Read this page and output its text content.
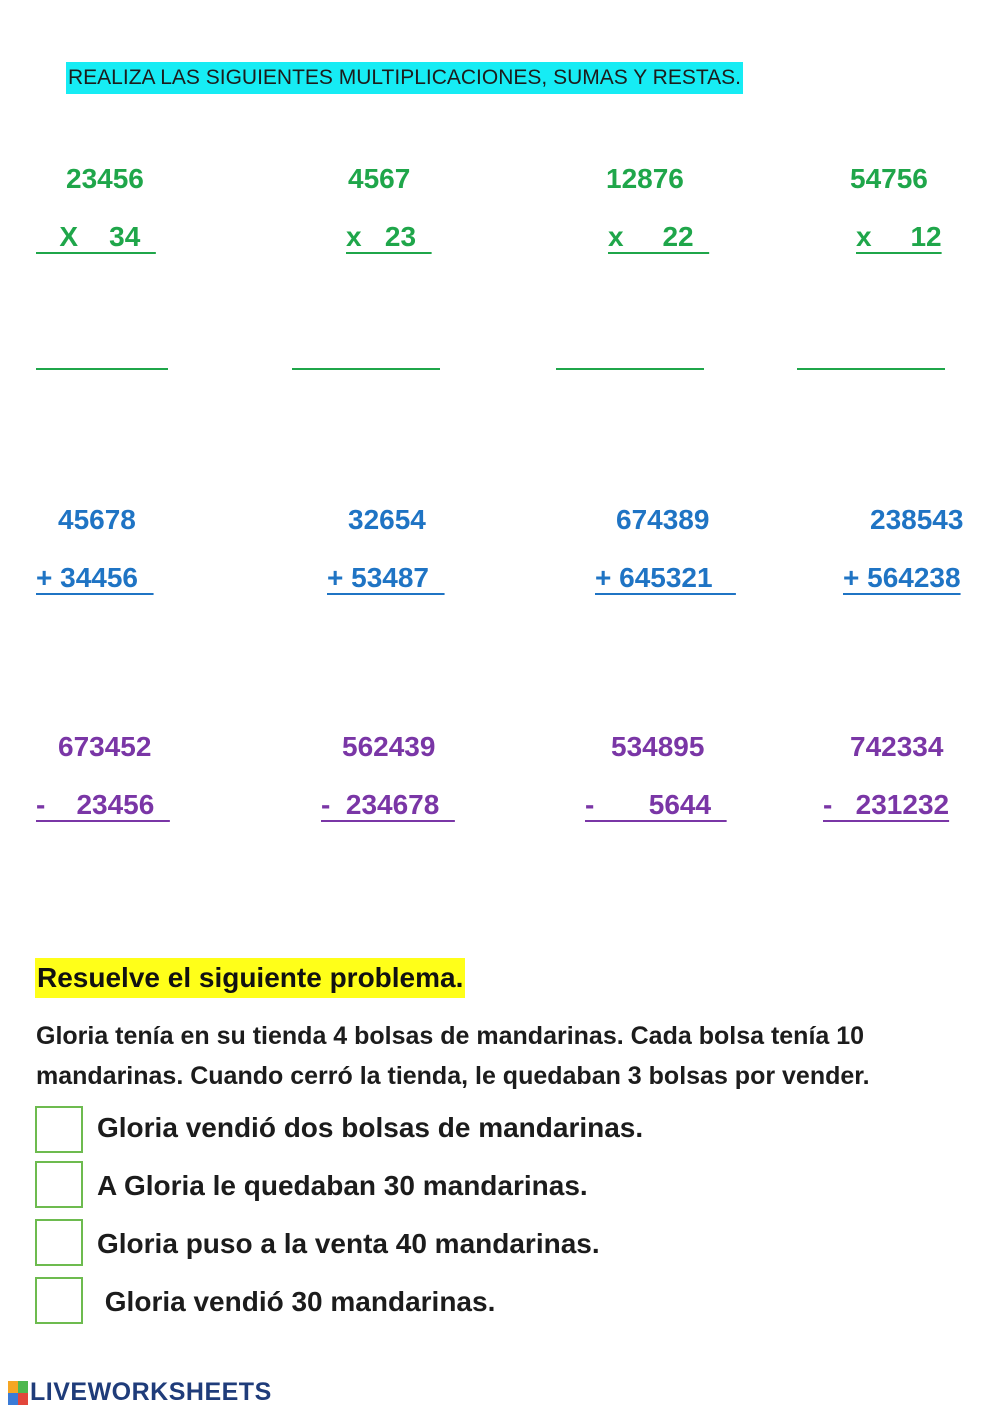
REALIZA LAS SIGUIENTES MULTIPLICACIONES, SUMAS Y RESTAS.
23456
X    34
4567
x   23
12876
x     22
54756
x     12
45678
+ 34456
32654
+ 53487
674389
+ 645321
238543
+ 564238
673452
-    23456
562439
-  234678
534895
-       5644
742334
-   231232
Resuelve el siguiente problema.
Gloria tenía en su tienda 4 bolsas de mandarinas. Cada bolsa tenía 10 mandarinas. Cuando cerró la tienda, le quedaban 3 bolsas por vender.
Gloria vendió dos bolsas de mandarinas.
A Gloria le quedaban 30 mandarinas.
Gloria puso a la venta 40 mandarinas.
Gloria vendió 30 mandarinas.
LIVEWORKSHEETS
